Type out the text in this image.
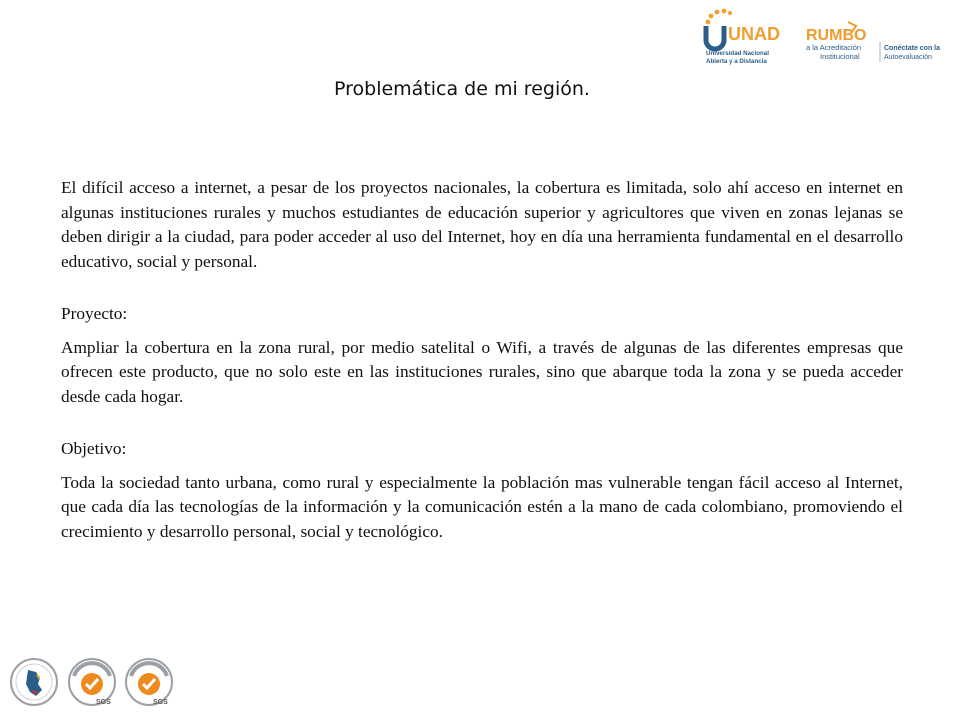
UNAD
Universidad Nacional
Abierta y a Distancia
RUMBO
a la Acreditación
Institucional
Conéctate con la
Autoevaluación
Problemática de mi región.

El difícil acceso a internet, a pesar de los proyectos nacionales, la cobertura es limitada, solo ahí acceso en internet en algunas instituciones rurales y muchos estudiantes de educación superior y agricultores que viven en zonas lejanas se deben dirigir a la ciudad, para poder acceder al uso del Internet, hoy en día una herramienta fundamental en el desarrollo educativo, social y personal.

Proyecto:

Ampliar la cobertura en la zona rural, por medio satelital o Wifi, a través de algunas de las diferentes empresas que ofrecen este producto, que no solo este en las instituciones rurales, sino que abarque toda la zona y se pueda acceder desde cada hogar.

Objetivo:

Toda la sociedad tanto urbana, como rural y especialmente la población mas vulnerable tengan fácil acceso al Internet, que cada día las tecnologías de la información y la comunicación estén a la mano de cada colombiano, promoviendo el crecimiento y desarrollo personal, social y tecnológico.

SGS	SGS
